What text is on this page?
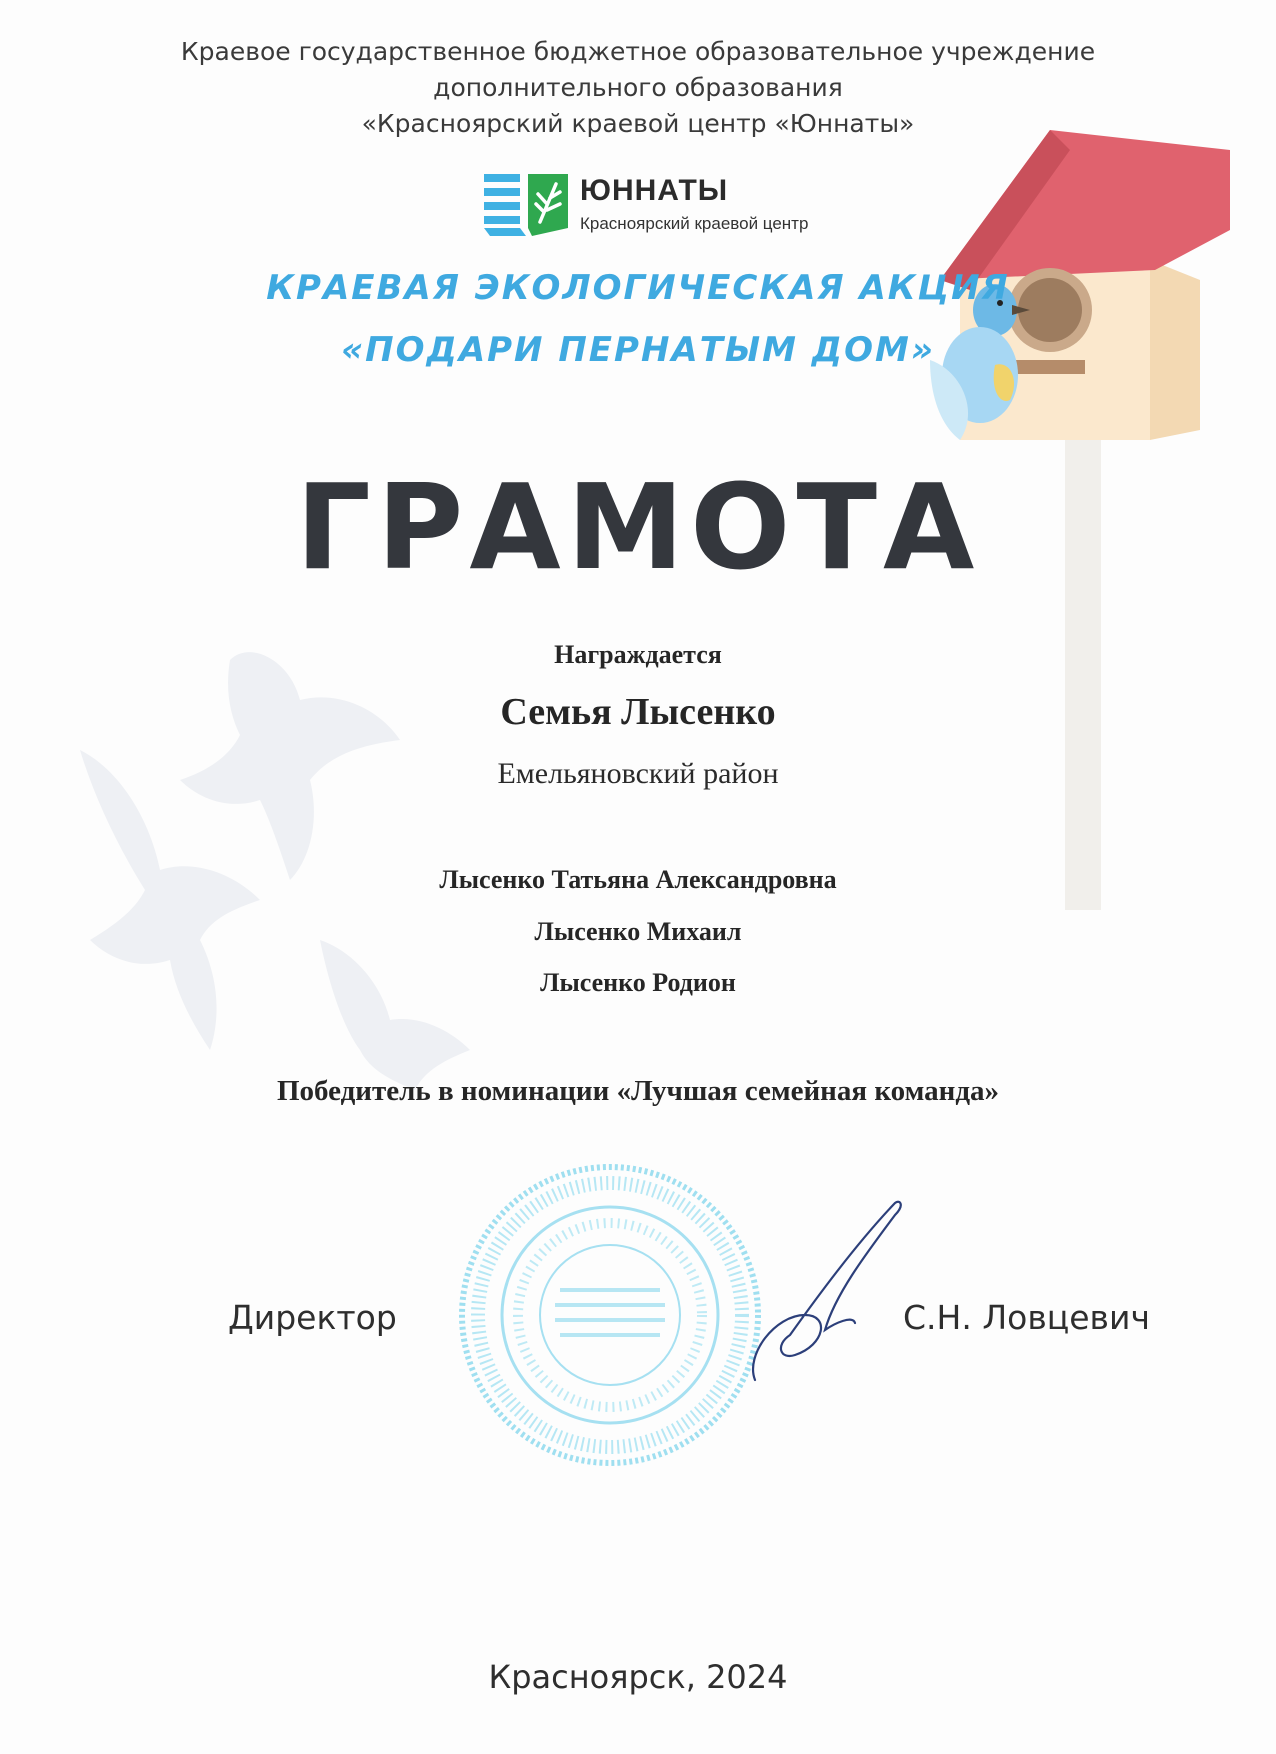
Краевое государственное бюджетное образовательное учреждение
дополнительного образования
«Красноярский краевой центр «Юннаты»
ЮННАТЫ
Красноярский краевой центр
КРАЕВАЯ ЭКОЛОГИЧЕСКАЯ АКЦИЯ
«ПОДАРИ ПЕРНАТЫМ ДОМ»
ГРАМОТА
Награждается
Семья Лысенко
Емельяновский район
Лысенко Татьяна Александровна
Лысенко Михаил
Лысенко Родион
Победитель в номинации «Лучшая семейная команда»
Директор	С.Н. Ловцевич
Красноярск, 2024
